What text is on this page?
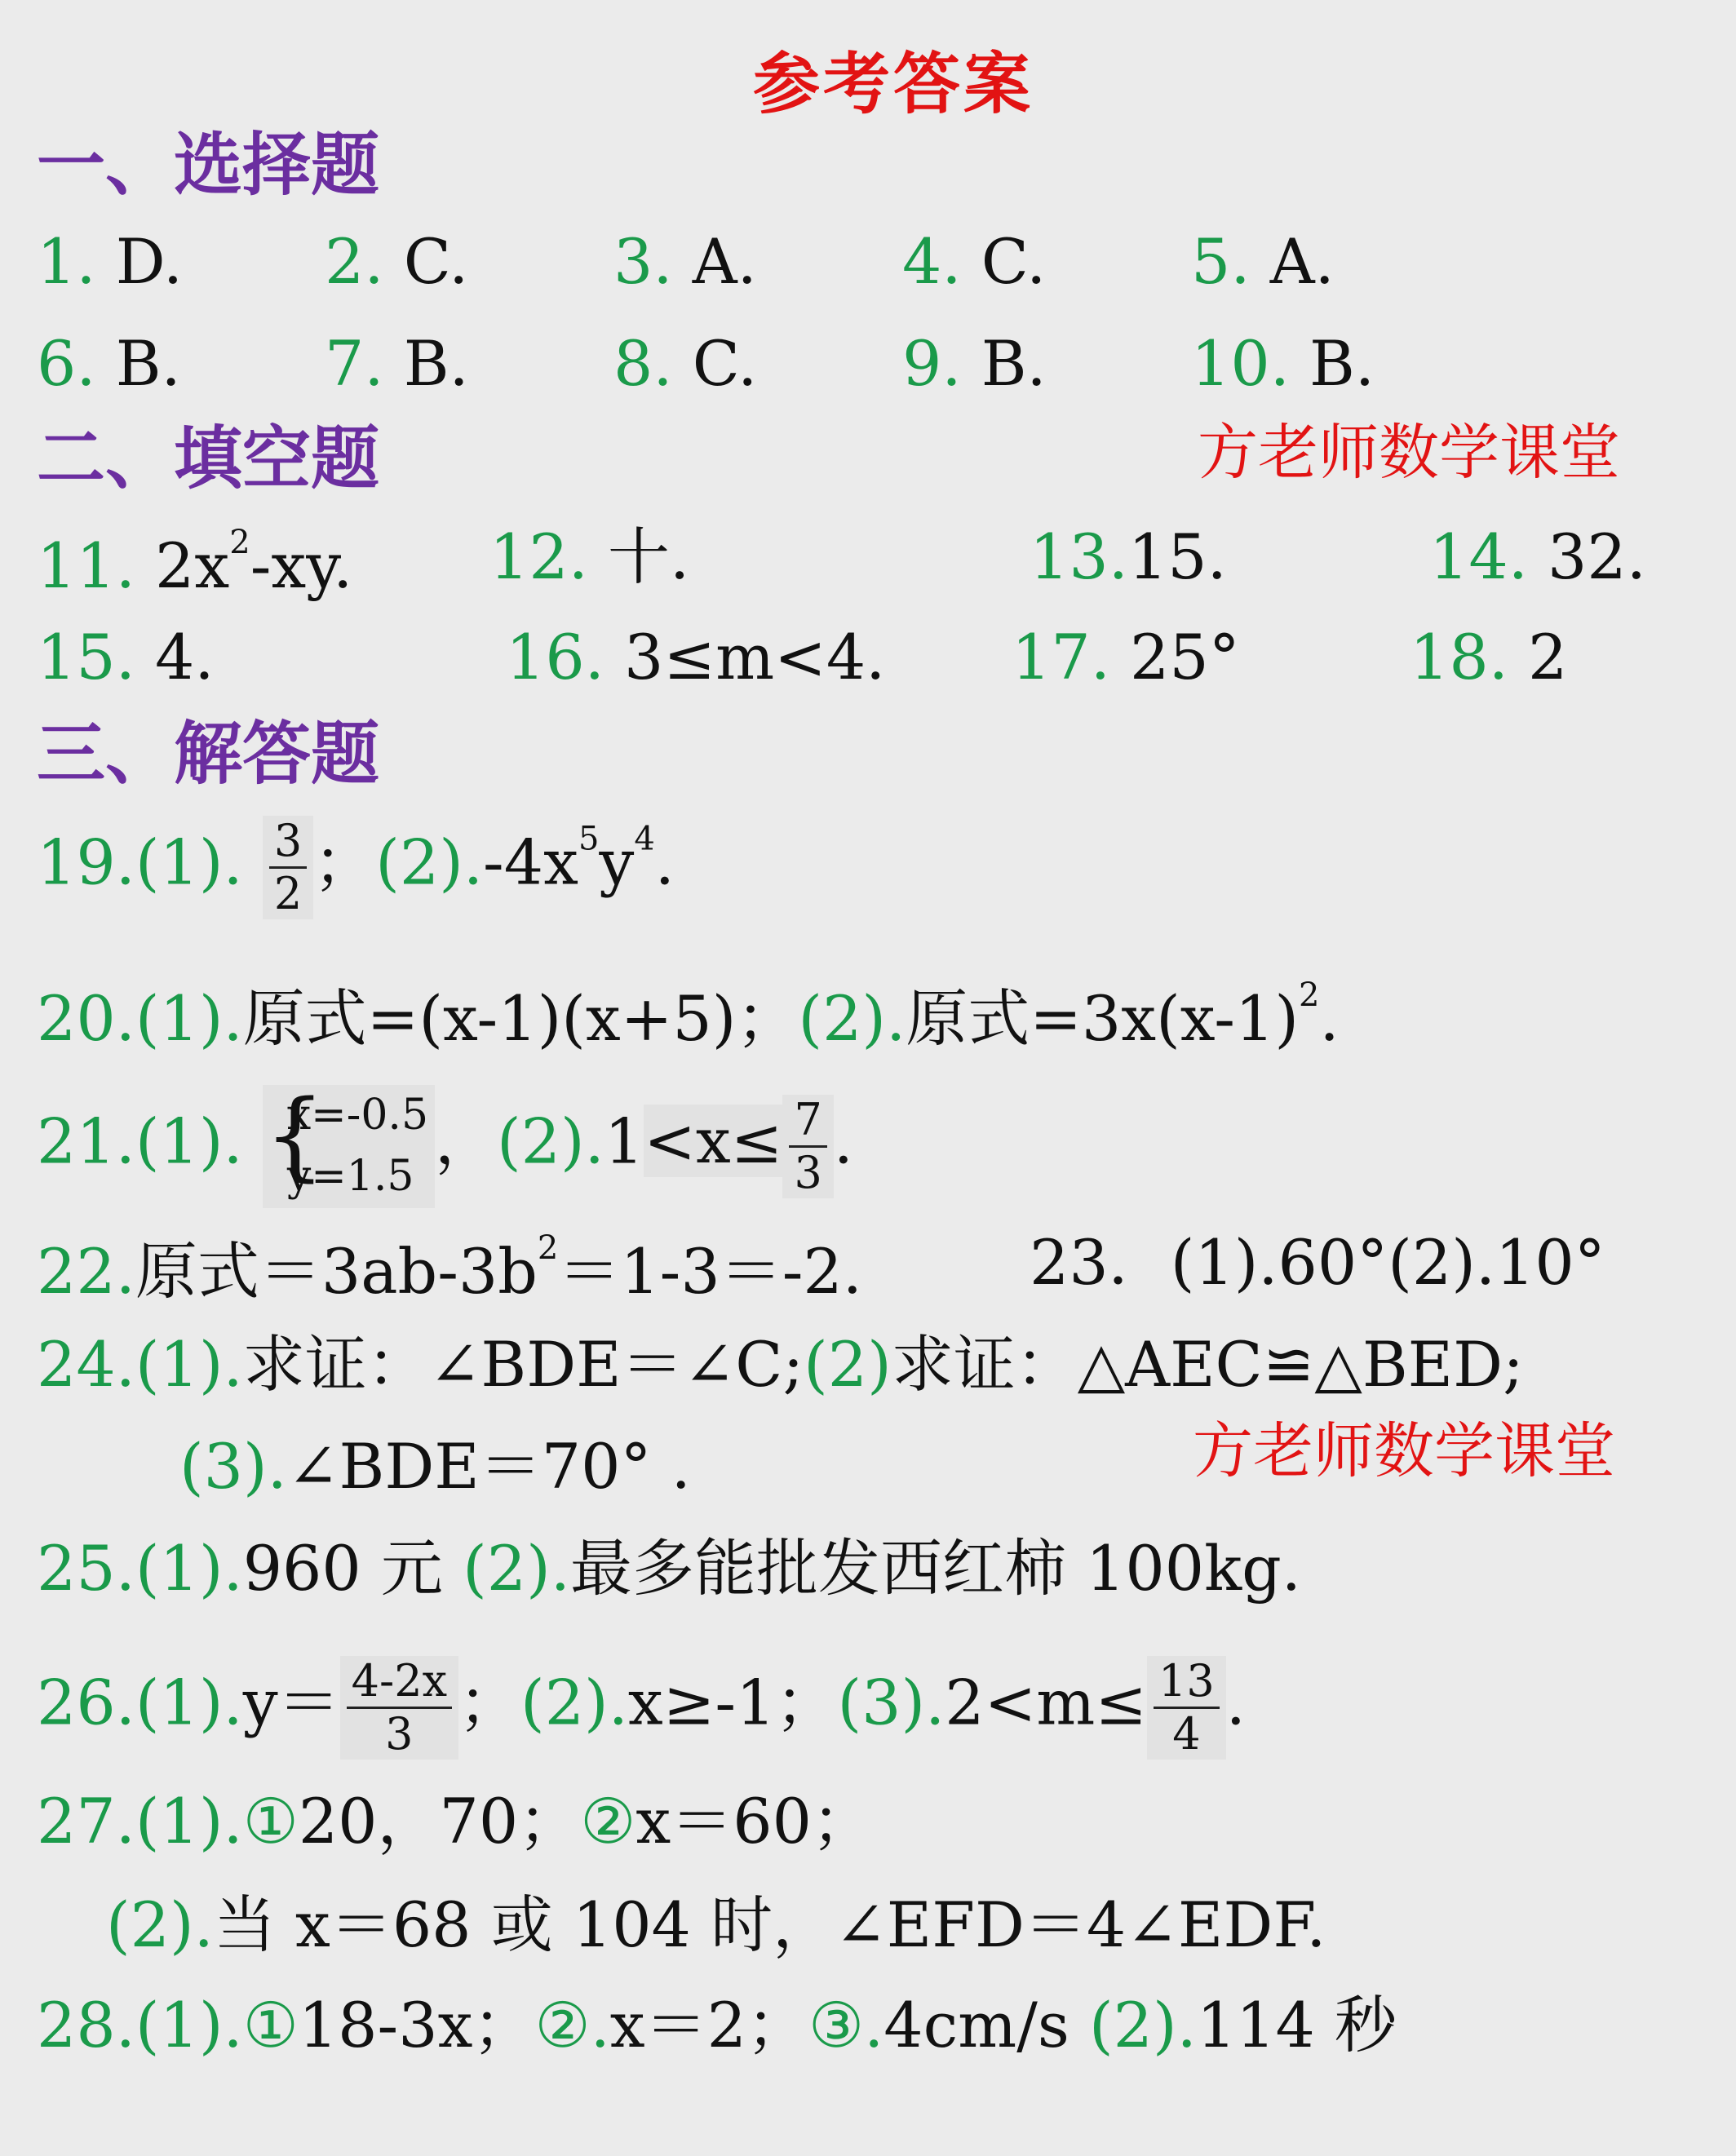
参考答案
一、选择题
1. D. 2. C. 3. A. 4. C. 5. A.
6. B. 7. B. 8. C. 9. B. 10. B.
二、填空题	方老师数学课堂
11. $2x^2-xy$. 12. 十.	13.15.	14. 32.
15. 4.	16. 3≤m<4. 17. 25°	18. 2
三、解答题
19.(1). $\frac{3}{2}$ ；$(2).-4x^5y^4$.
20.(1).原式=(x-1)(x+5)；(2).原式$=3x(x-1)^2$.
21.(1). {
x=-0.5
y=1.5 ，$(2).1<x\le \frac{7}{3}$ .
22.原式$=3ab-3b^2=1-3=-2$.	23．(1).60°(2).10°
24.(1).求证：∠BDE＝∠C;(2)求证：△AEC≌△BED;
(3).∠BDE＝70° .	方老师数学课堂
25.(1).960 元 (2).最多能批发西红柿 100kg.
$26.(1).y= \frac{4-2x}{3}$ ；(2).x≥-1；$(3).2<m\le \frac{13}{4}$ .
27.(1).①20，70；②x＝60；
(2).当 x＝68 或 104 时，∠EFD＝4∠EDF.
28.(1).①18-3x；②.x＝2；③.4cm/s (2).114 秒
